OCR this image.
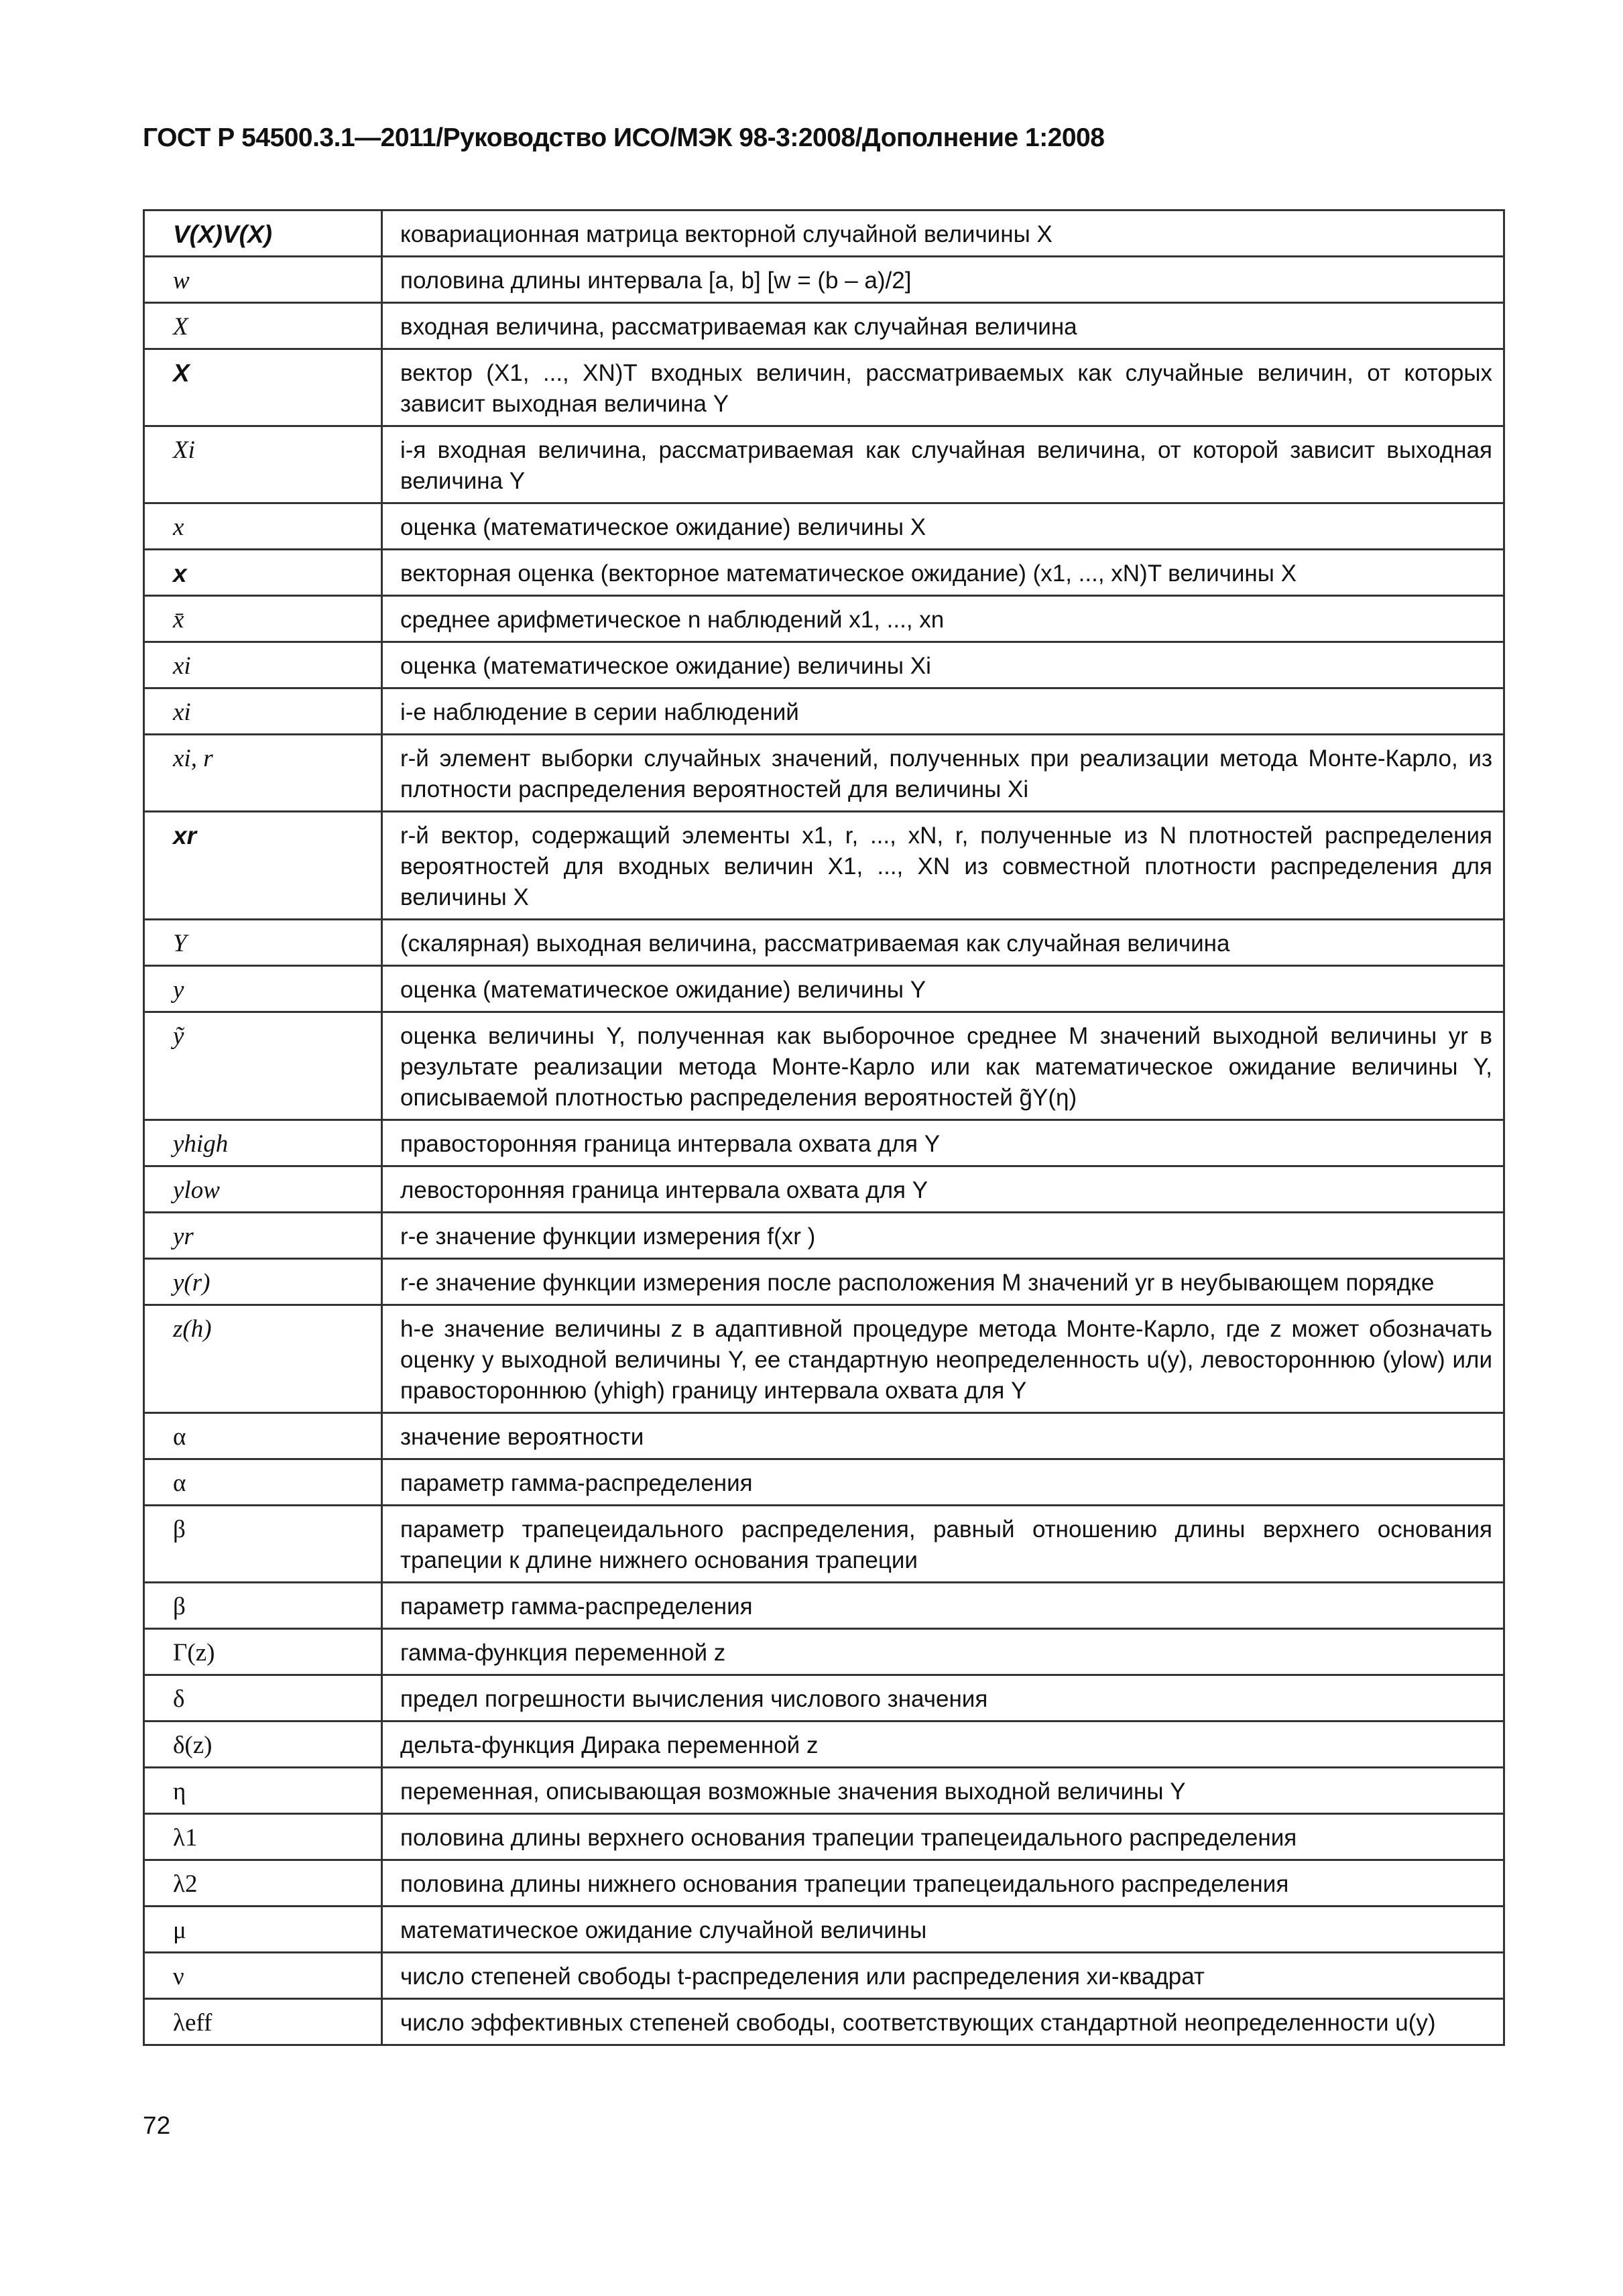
ГОСТ Р 54500.3.1—2011/Руководство ИСО/МЭК 98-3:2008/Дополнение 1:2008
V(X)V(X)	ковариационная матрица векторной случайной величины X
w	половина длины интервала [a, b] [w = (b – a)/2]
X	входная величина, рассматриваемая как случайная величина
X	вектор (X1, ..., XN)T входных величин, рассматриваемых как случайные величин, от которых зависит выходная величина Y
Xi	i-я входная величина, рассматриваемая как случайная величина, от которой зависит выходная величина Y
x	оценка (математическое ожидание) величины X
x	векторная оценка (векторное математическое ожидание) (x1, ..., xN)T величины X
x̄	среднее арифметическое n наблюдений x1, ..., xn
xi	оценка (математическое ожидание) величины Xi
xi	i-е наблюдение в серии наблюдений
xi, r	r-й элемент выборки случайных значений, полученных при реализации метода Монте-Карло, из плотности распределения вероятностей для величины Xi
xr	r-й вектор, содержащий элементы x1, r, ..., xN, r, полученные из N плотностей распределения вероятностей для входных величин X1, ..., XN из совместной плотности распределения для величины X
Y	(скалярная) выходная величина, рассматриваемая как случайная величина
y	оценка (математическое ожидание) величины Y
ỹ	оценка величины Y, полученная как выборочное среднее M значений выходной величины yr в результате реализации метода Монте-Карло или как математическое ожидание величины Y, описываемой плотностью распределения вероятностей g̃Y(η)
yhigh	правосторонняя граница интервала охвата для Y
ylow	левосторонняя граница интервала охвата для Y
yr	r-е значение функции измерения f(xr )
y(r)	r-е значение функции измерения после расположения M значений yr в неубывающем порядке
z(h)	h-е значение величины z в адаптивной процедуре метода Монте-Карло, где z может обозначать оценку y выходной величины Y, ее стандартную неопределенность u(y), левостороннюю (ylow) или правостороннюю (yhigh) границу интервала охвата для Y
α	значение вероятности
α	параметр гамма-распределения
β	параметр трапецеидального распределения, равный отношению длины верхнего основания трапеции к длине нижнего основания трапеции
β	параметр гамма-распределения
Γ(z)	гамма-функция переменной z
δ	предел погрешности вычисления числового значения
δ(z)	дельта-функция Дирака переменной z
η	переменная, описывающая возможные значения выходной величины Y
λ1	половина длины верхнего основания трапеции трапецеидального распределения
λ2	половина длины нижнего основания трапеции трапецеидального распределения
μ	математическое ожидание случайной величины
ν	число степеней свободы t-распределения или распределения хи-квадрат
λeff	число эффективных степеней свободы, соответствующих стандартной неопределенности u(y)
72
